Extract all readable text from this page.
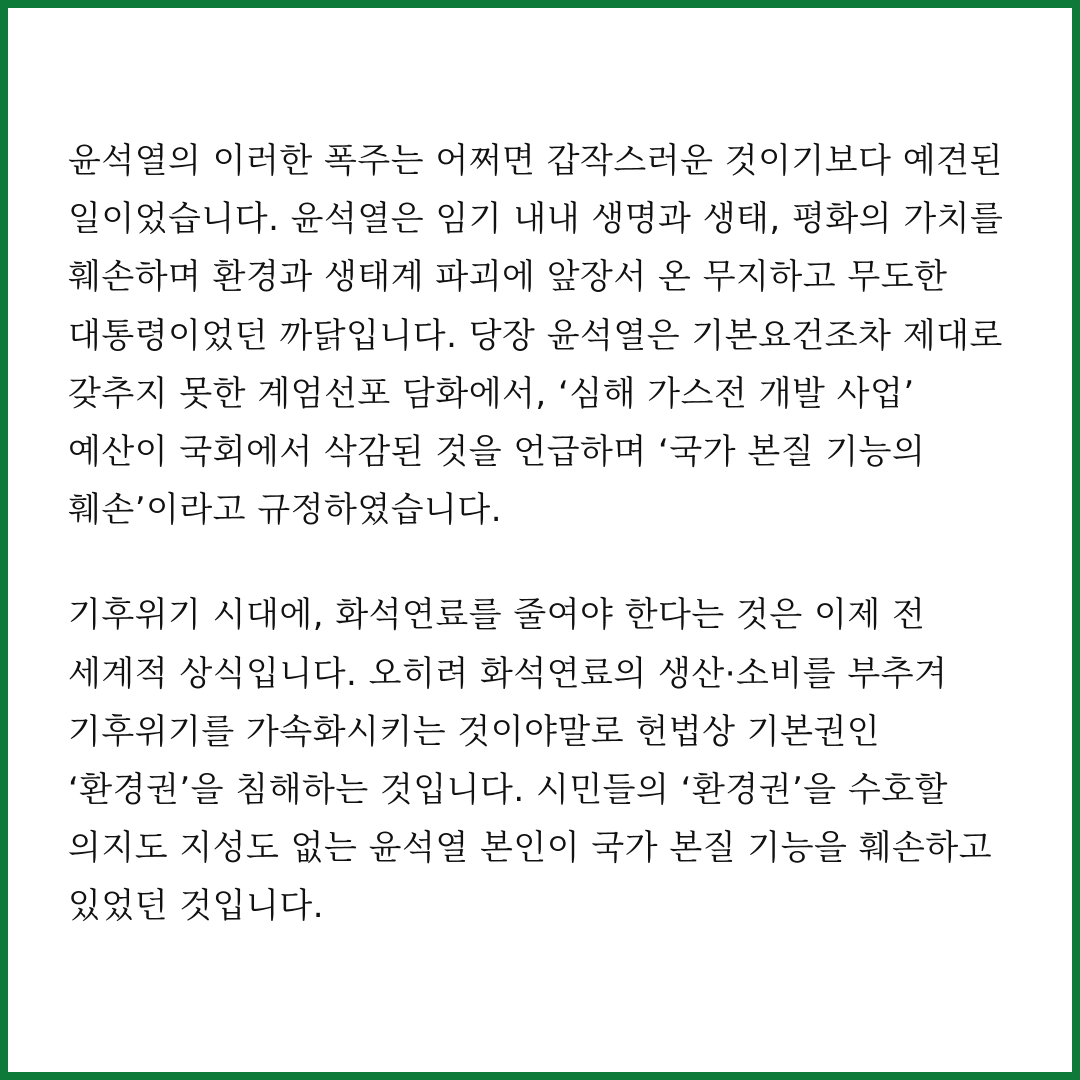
윤석열의 이러한 폭주는 어쩌면 갑작스러운 것이기보다 예견된
일이었습니다. 윤석열은 임기 내내 생명과 생태, 평화의 가치를
훼손하며 환경과 생태계 파괴에 앞장서 온 무지하고 무도한
대통령이었던 까닭입니다. 당장 윤석열은 기본요건조차 제대로
갖추지 못한 계엄선포 담화에서, ‘심해 가스전 개발 사업’
예산이 국회에서 삭감된 것을 언급하며 ‘국가 본질 기능의
훼손’이라고 규정하였습니다.
기후위기 시대에, 화석연료를 줄여야 한다는 것은 이제 전
세계적 상식입니다. 오히려 화석연료의 생산·소비를 부추겨
기후위기를 가속화시키는 것이야말로 헌법상 기본권인
‘환경권’을 침해하는 것입니다. 시민들의 ‘환경권’을 수호할
의지도 지성도 없는 윤석열 본인이 국가 본질 기능을 훼손하고
있었던 것입니다.
